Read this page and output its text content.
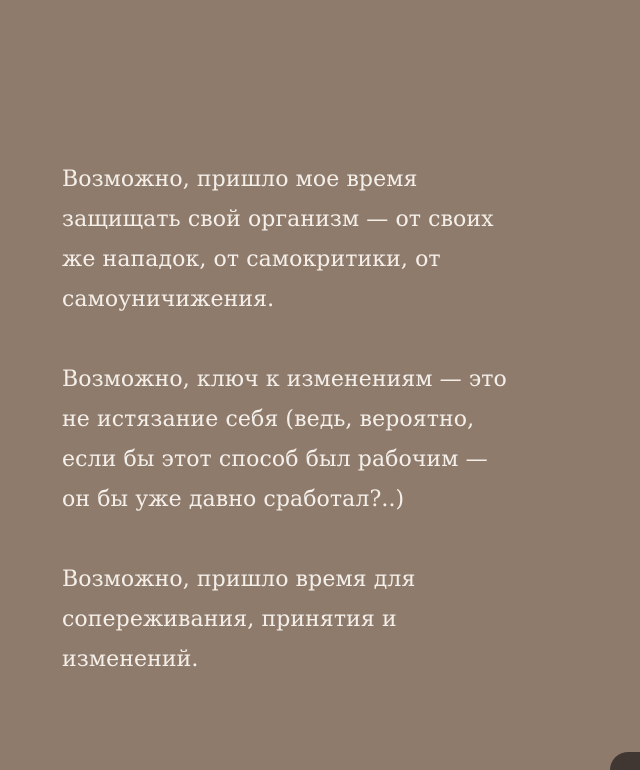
Возможно, пришло мое время
защищать свой организм — от своих
же нападок, от самокритики, от
самоуничижения.
Возможно, ключ к изменениям — это
не истязание себя (ведь, вероятно,
если бы этот способ был рабочим —
он бы уже давно сработал?..)
Возможно, пришло время для
сопереживания, принятия и
изменений.
